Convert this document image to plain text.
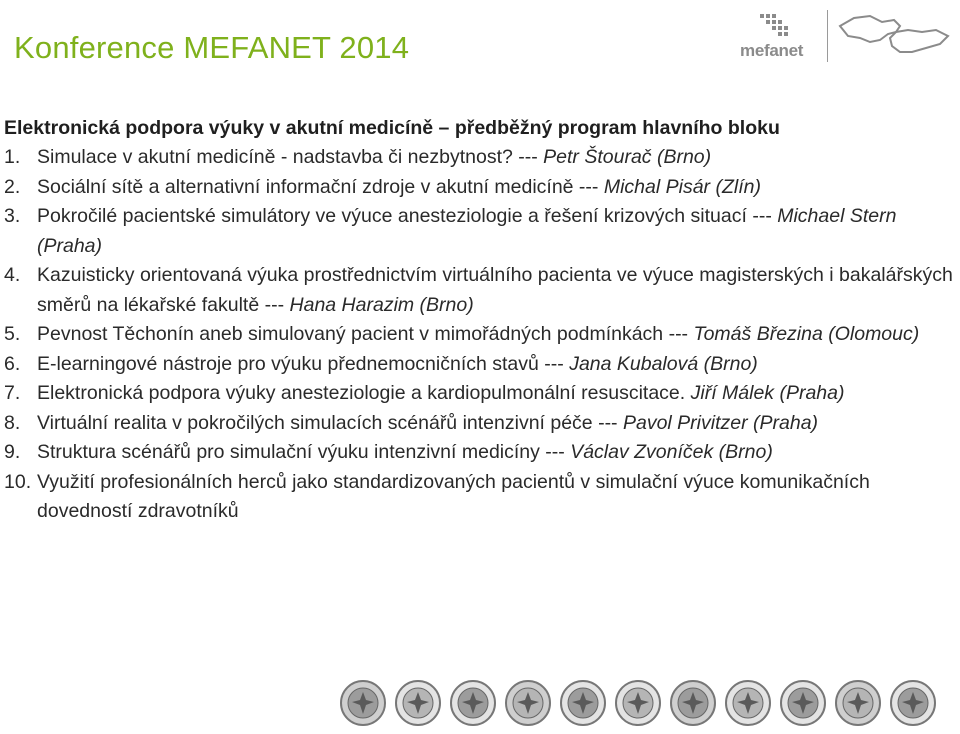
Konference MEFANET 2014	mefanet
Elektronická podpora výuky v akutní medicíně – předběžný program hlavního bloku
1. Simulace v akutní medicíně - nadstavba či nezbytnost? --- Petr Štourač (Brno)
2. Sociální sítě a alternativní informační zdroje v akutní medicíně --- Michal Pisár (Zlín)
3. Pokročilé pacientské simulátory ve výuce anesteziologie a řešení krizových situací --- Michael Stern (Praha)
4. Kazuisticky orientovaná výuka prostřednictvím virtuálního pacienta ve výuce magisterských i bakalářských směrů na lékařské fakultě --- Hana Harazim (Brno)
5. Pevnost Těchonín aneb simulovaný pacient v mimořádných podmínkách --- Tomáš Březina (Olomouc)
6. E-learningové nástroje pro výuku přednemocničních stavů --- Jana Kubalová (Brno)
7. Elektronická podpora výuky anesteziologie a kardiopulmonální resuscitace. Jiří Málek (Praha)
8. Virtuální realita v pokročilých simulacích scénářů intenzivní péče --- Pavol Privitzer (Praha)
9. Struktura scénářů pro simulační výuku intenzivní medicíny --- Václav Zvoníček (Brno)
10. Využití profesionálních herců jako standardizovaných pacientů v simulační výuce komunikačních dovedností zdravotníků
